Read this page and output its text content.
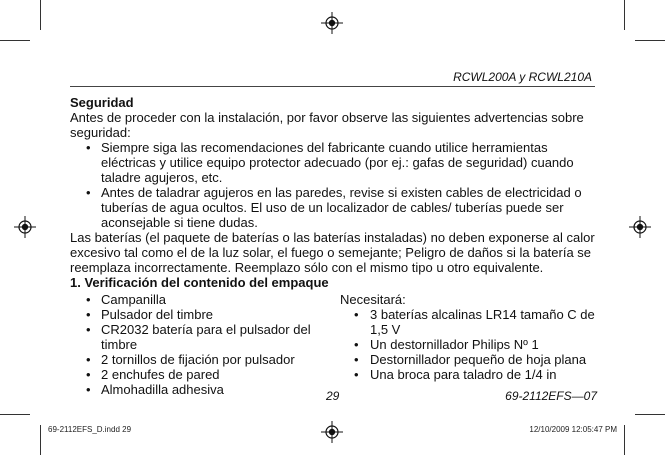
RCWL200A y RCWL210A

Seguridad

Antes de proceder con la instalación, por favor observe las siguientes advertencias sobre seguridad:

• Siempre siga las recomendaciones del fabricante cuando utilice herramientas eléctricas y utilice equipo protector adecuado (por ej.: gafas de seguridad) cuando taladre agujeros, etc.
• Antes de taladrar agujeros en las paredes, revise si existen cables de electricidad o tuberías de agua ocultos. El uso de un localizador de cables/ tuberías puede ser aconsejable si tiene dudas.

Las baterías (el paquete de baterías o las baterías instaladas) no deben exponerse al calor excesivo tal como el de la luz solar, el fuego o semejante; Peligro de daños si la batería se reemplaza incorrectamente. Reemplazo sólo con el mismo tipo u otro equivalente.

1. Verificación del contenido del empaque

• Campanilla
• Pulsador del timbre
• CR2032 batería para el pulsador del timbre
• 2 tornillos de fijación por pulsador
• 2 enchufes de pared
• Almohadilla adhesiva

Necesitará:

• 3 baterías alcalinas LR14 tamaño C de 1,5 V
• Un destornillador Philips Nº 1
• Destornillador pequeño de hoja plana
• Una broca para taladro de 1/4 in
29	69-2112EFS—07
69-2112EFS_D.indd 29	12/10/2009 12:05:47 PM
